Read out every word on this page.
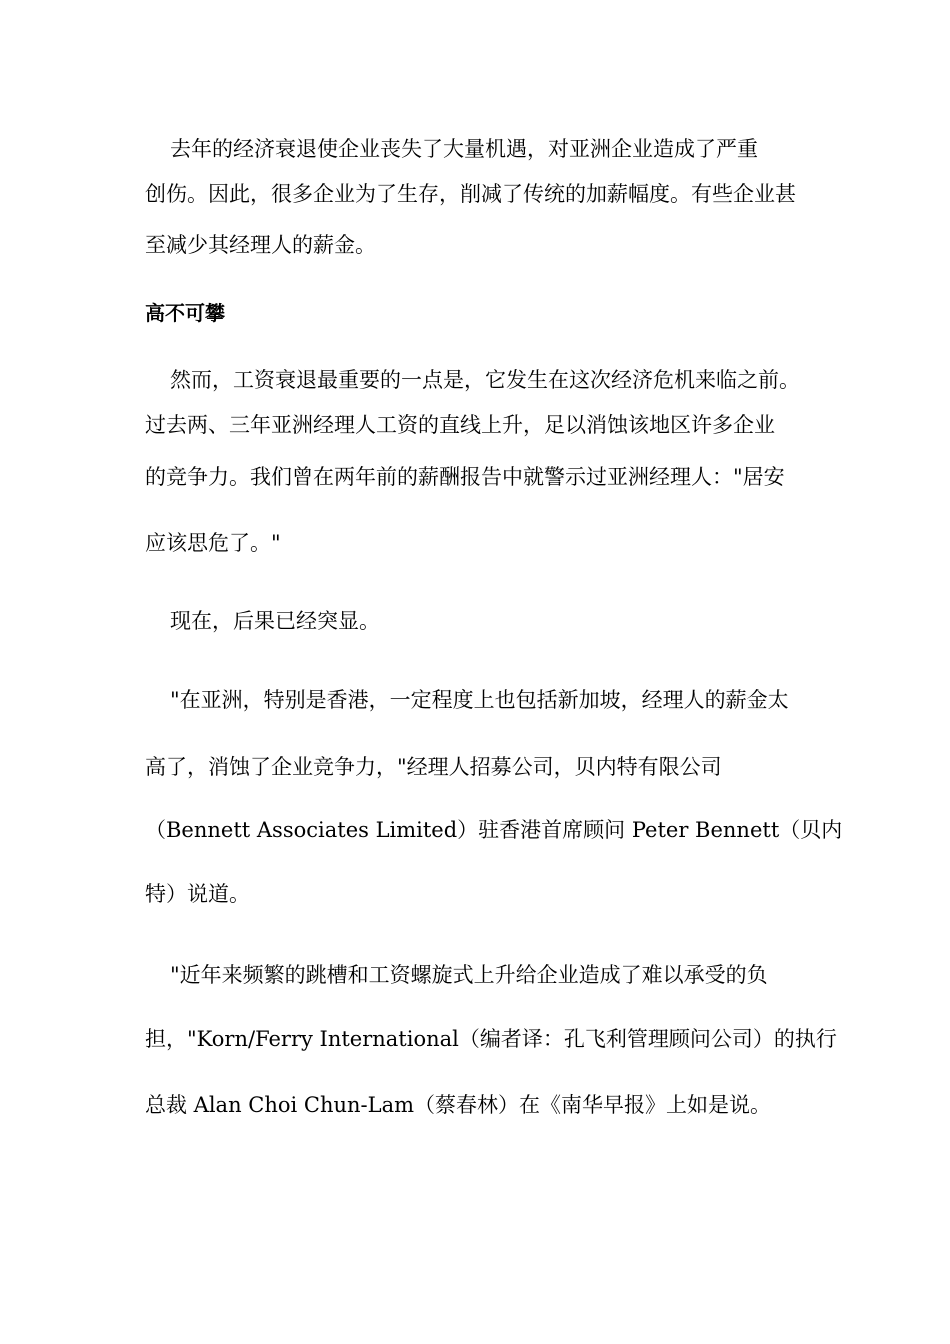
去年的经济衰退使企业丧失了大量机遇，对亚洲企业造成了严重
创伤。因此，很多企业为了生存，削减了传统的加薪幅度。有些企业甚
至减少其经理人的薪金。
高不可攀
然而，工资衰退最重要的一点是，它发生在这次经济危机来临之前。
过去两、三年亚洲经理人工资的直线上升，足以消蚀该地区许多企业
的竞争力。我们曾在两年前的薪酬报告中就警示过亚洲经理人："居安
应该思危了。"
现在，后果已经突显。
"在亚洲，特别是香港，一定程度上也包括新加坡，经理人的薪金太
高了，消蚀了企业竞争力，"经理人招募公司，贝内特有限公司
（Bennett Associates Limited）驻香港首席顾问 Peter Bennett（贝内
特）说道。
"近年来频繁的跳槽和工资螺旋式上升给企业造成了难以承受的负
担，"Korn/Ferry International（编者译：孔飞利管理顾问公司）的执行
总裁 Alan Choi Chun-Lam（蔡春林）在《南华早报》上如是说。
